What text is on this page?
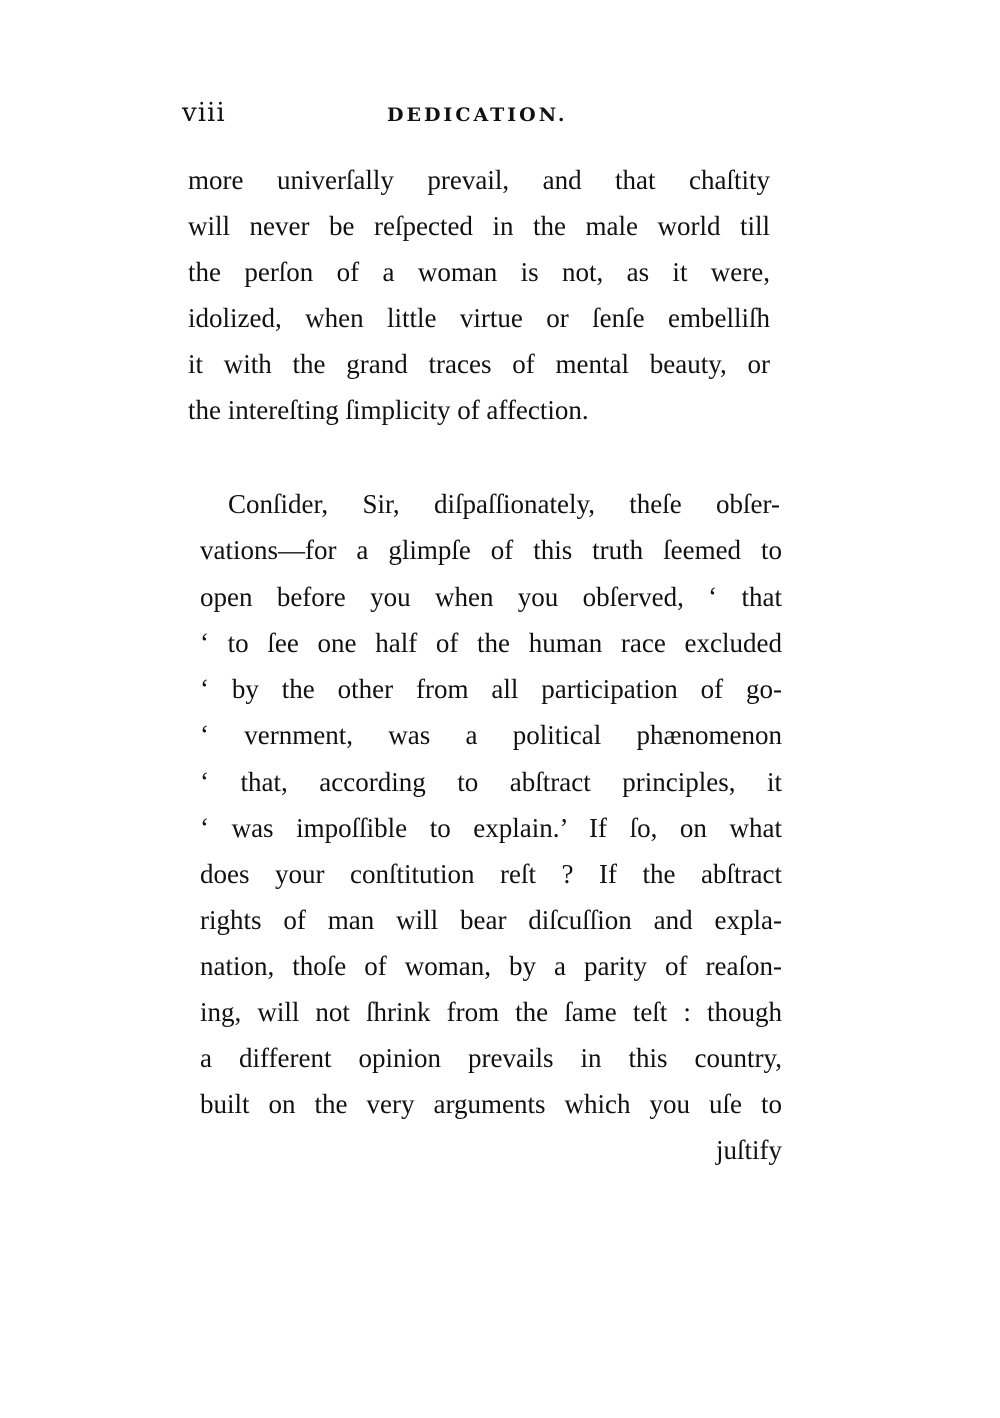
viii	DEDICATION.
more univerſally prevail, and that chaſtity
will never be reſpected in the male world till
the perſon of a woman is not, as it were,
idolized, when little virtue or ſenſe embelliſh
it with the grand traces of mental beauty, or
the intereſting ſimplicity of affection.
Conſider, Sir, diſpaſſionately, theſe obſer-
vations—for a glimpſe of this truth ſeemed to
open before you when you obſerved, ‘ that
‘ to ſee one half of the human race excluded
‘ by the other from all participation of go-
‘ vernment, was a political phænomenon
‘ that, according to abſtract principles, it
‘ was impoſſible to explain.’ If ſo, on what
does your conſtitution reſt ? If the abſtract
rights of man will bear diſcuſſion and expla-
nation, thoſe of woman, by a parity of reaſon-
ing, will not ſhrink from the ſame teſt : though
a different opinion prevails in this country,
built on the very arguments which you uſe to
juſtify
